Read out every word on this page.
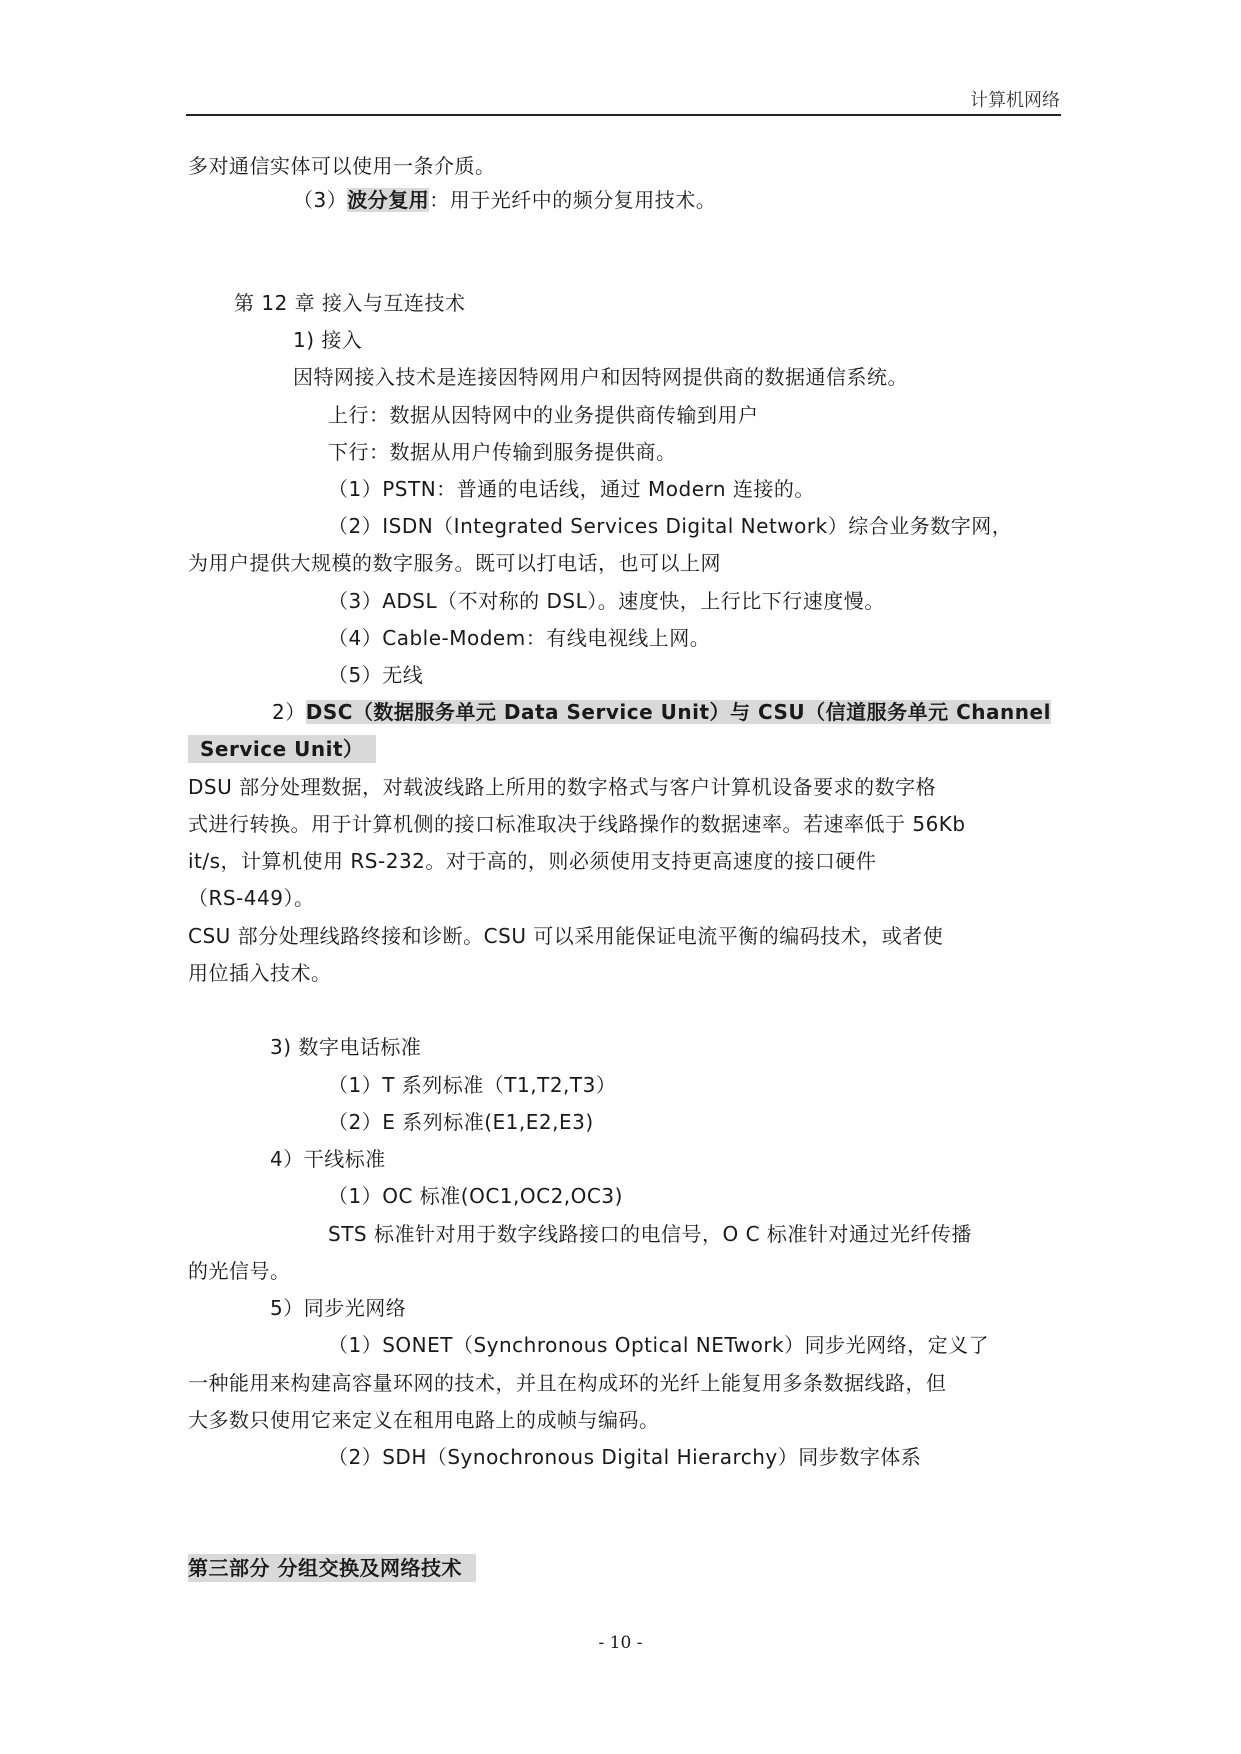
计算机网络
多对通信实体可以使用一条介质。
（3）波分复用：用于光纤中的频分复用技术。
第 12 章 接入与互连技术
1) 接入
因特网接入技术是连接因特网用户和因特网提供商的数据通信系统。
上行：数据从因特网中的业务提供商传输到用户
下行：数据从用户传输到服务提供商。
（1）PSTN：普通的电话线，通过 Modern 连接的。
（2）ISDN（Integrated Services Digital Network）综合业务数字网，
为用户提供大规模的数字服务。既可以打电话，也可以上网
（3）ADSL（不对称的 DSL）。速度快，上行比下行速度慢。
（4）Cable-Modem：有线电视线上网。
（5）无线
2）DSC（数据服务单元 Data Service Unit）与 CSU（信道服务单元 Channel
Service Unit）
DSU 部分处理数据，对载波线路上所用的数字格式与客户计算机设备要求的数字格
式进行转换。用于计算机侧的接口标准取决于线路操作的数据速率。若速率低于 56Kb
it/s，计算机使用 RS-232。对于高的，则必须使用支持更高速度的接口硬件
（RS-449）。
CSU 部分处理线路终接和诊断。CSU 可以采用能保证电流平衡的编码技术，或者使
用位插入技术。
3) 数字电话标准
（1）T 系列标准（T1,T2,T3）
（2）E 系列标准(E1,E2,E3)
4）干线标准
（1）OC 标准(OC1,OC2,OC3)
STS 标准针对用于数字线路接口的电信号，O C 标准针对通过光纤传播
的光信号。
5）同步光网络
（1）SONET（Synchronous Optical NETwork）同步光网络，定义了
一种能用来构建高容量环网的技术，并且在构成环的光纤上能复用多条数据线路，但
大多数只使用它来定义在租用电路上的成帧与编码。
（2）SDH（Synochronous Digital Hierarchy）同步数字体系
第三部分 分组交换及网络技术
- 10 -
